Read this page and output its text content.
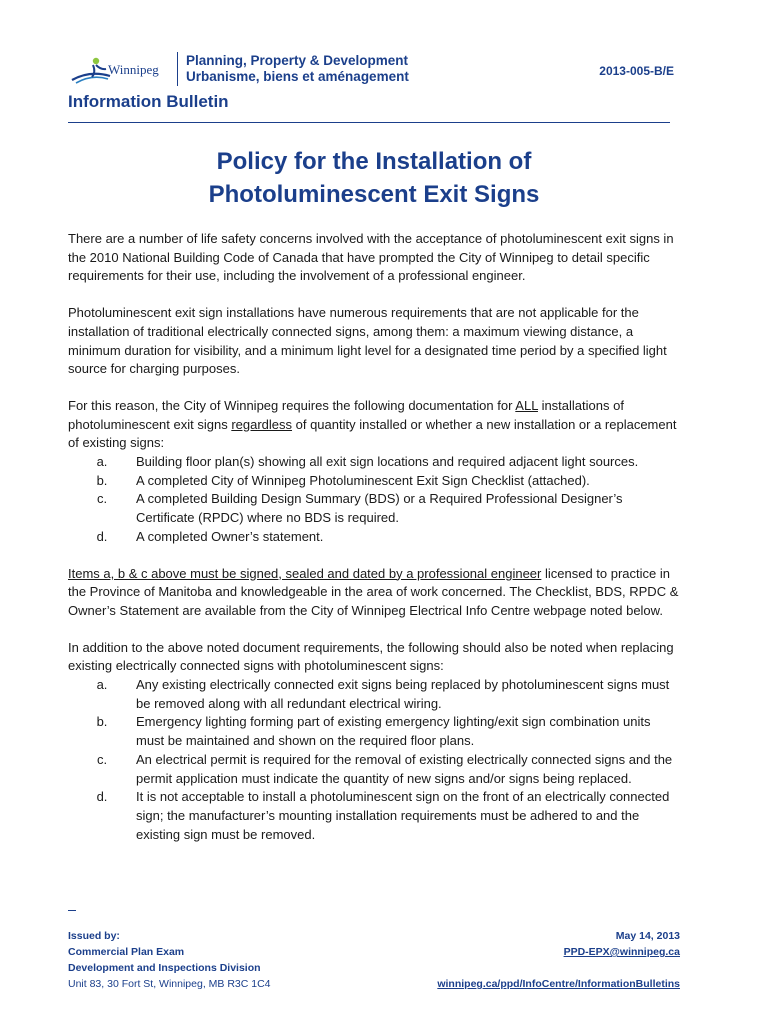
Winnipeg
Planning, Property & Development
Urbanisme, biens et aménagement	2013-005-B/E
Information Bulletin
Policy for the Installation of
Photoluminescent Exit Signs

There are a number of life safety concerns involved with the acceptance of photoluminescent exit signs in the 2010 National Building Code of Canada that have prompted the City of Winnipeg to detail specific requirements for their use, including the involvement of a professional engineer.

Photoluminescent exit sign installations have numerous requirements that are not applicable for the installation of traditional electrically connected signs, among them: a maximum viewing distance, a minimum duration for visibility, and a minimum light level for a designated time period by a specified light source for charging purposes.

For this reason, the City of Winnipeg requires the following documentation for ALL installations of photoluminescent exit signs regardless of quantity installed or whether a new installation or a replacement of existing signs:

a.	Building floor plan(s) showing all exit sign locations and required adjacent light sources.
b.	A completed City of Winnipeg Photoluminescent Exit Sign Checklist (attached).
c.	A completed Building Design Summary (BDS) or a Required Professional Designer’s Certificate (RPDC) where no BDS is required.
d.	A completed Owner’s statement.

Items a, b & c above must be signed, sealed and dated by a professional engineer licensed to practice in the Province of Manitoba and knowledgeable in the area of work concerned. The Checklist, BDS, RPDC & Owner’s Statement are available from the City of Winnipeg Electrical Info Centre webpage noted below.

In addition to the above noted document requirements, the following should also be noted when replacing existing electrically connected signs with photoluminescent signs:

a.	Any existing electrically connected exit signs being replaced by photoluminescent signs must be removed along with all redundant electrical wiring.
b.	Emergency lighting forming part of existing emergency lighting/exit sign combination units must be maintained and shown on the required floor plans.
c.	An electrical permit is required for the removal of existing electrically connected signs and the permit application must indicate the quantity of new signs and/or signs being replaced.
d.	It is not acceptable to install a photoluminescent sign on the front of an electrically connected sign; the manufacturer’s mounting installation requirements must be adhered to and the existing sign must be removed.
Issued by:
Commercial Plan Exam
Development and Inspections Division
Unit 83, 30 Fort St, Winnipeg, MB R3C 1C4
May 14, 2013
PPD-EPX@winnipeg.ca
winnipeg.ca/ppd/InfoCentre/InformationBulletins
